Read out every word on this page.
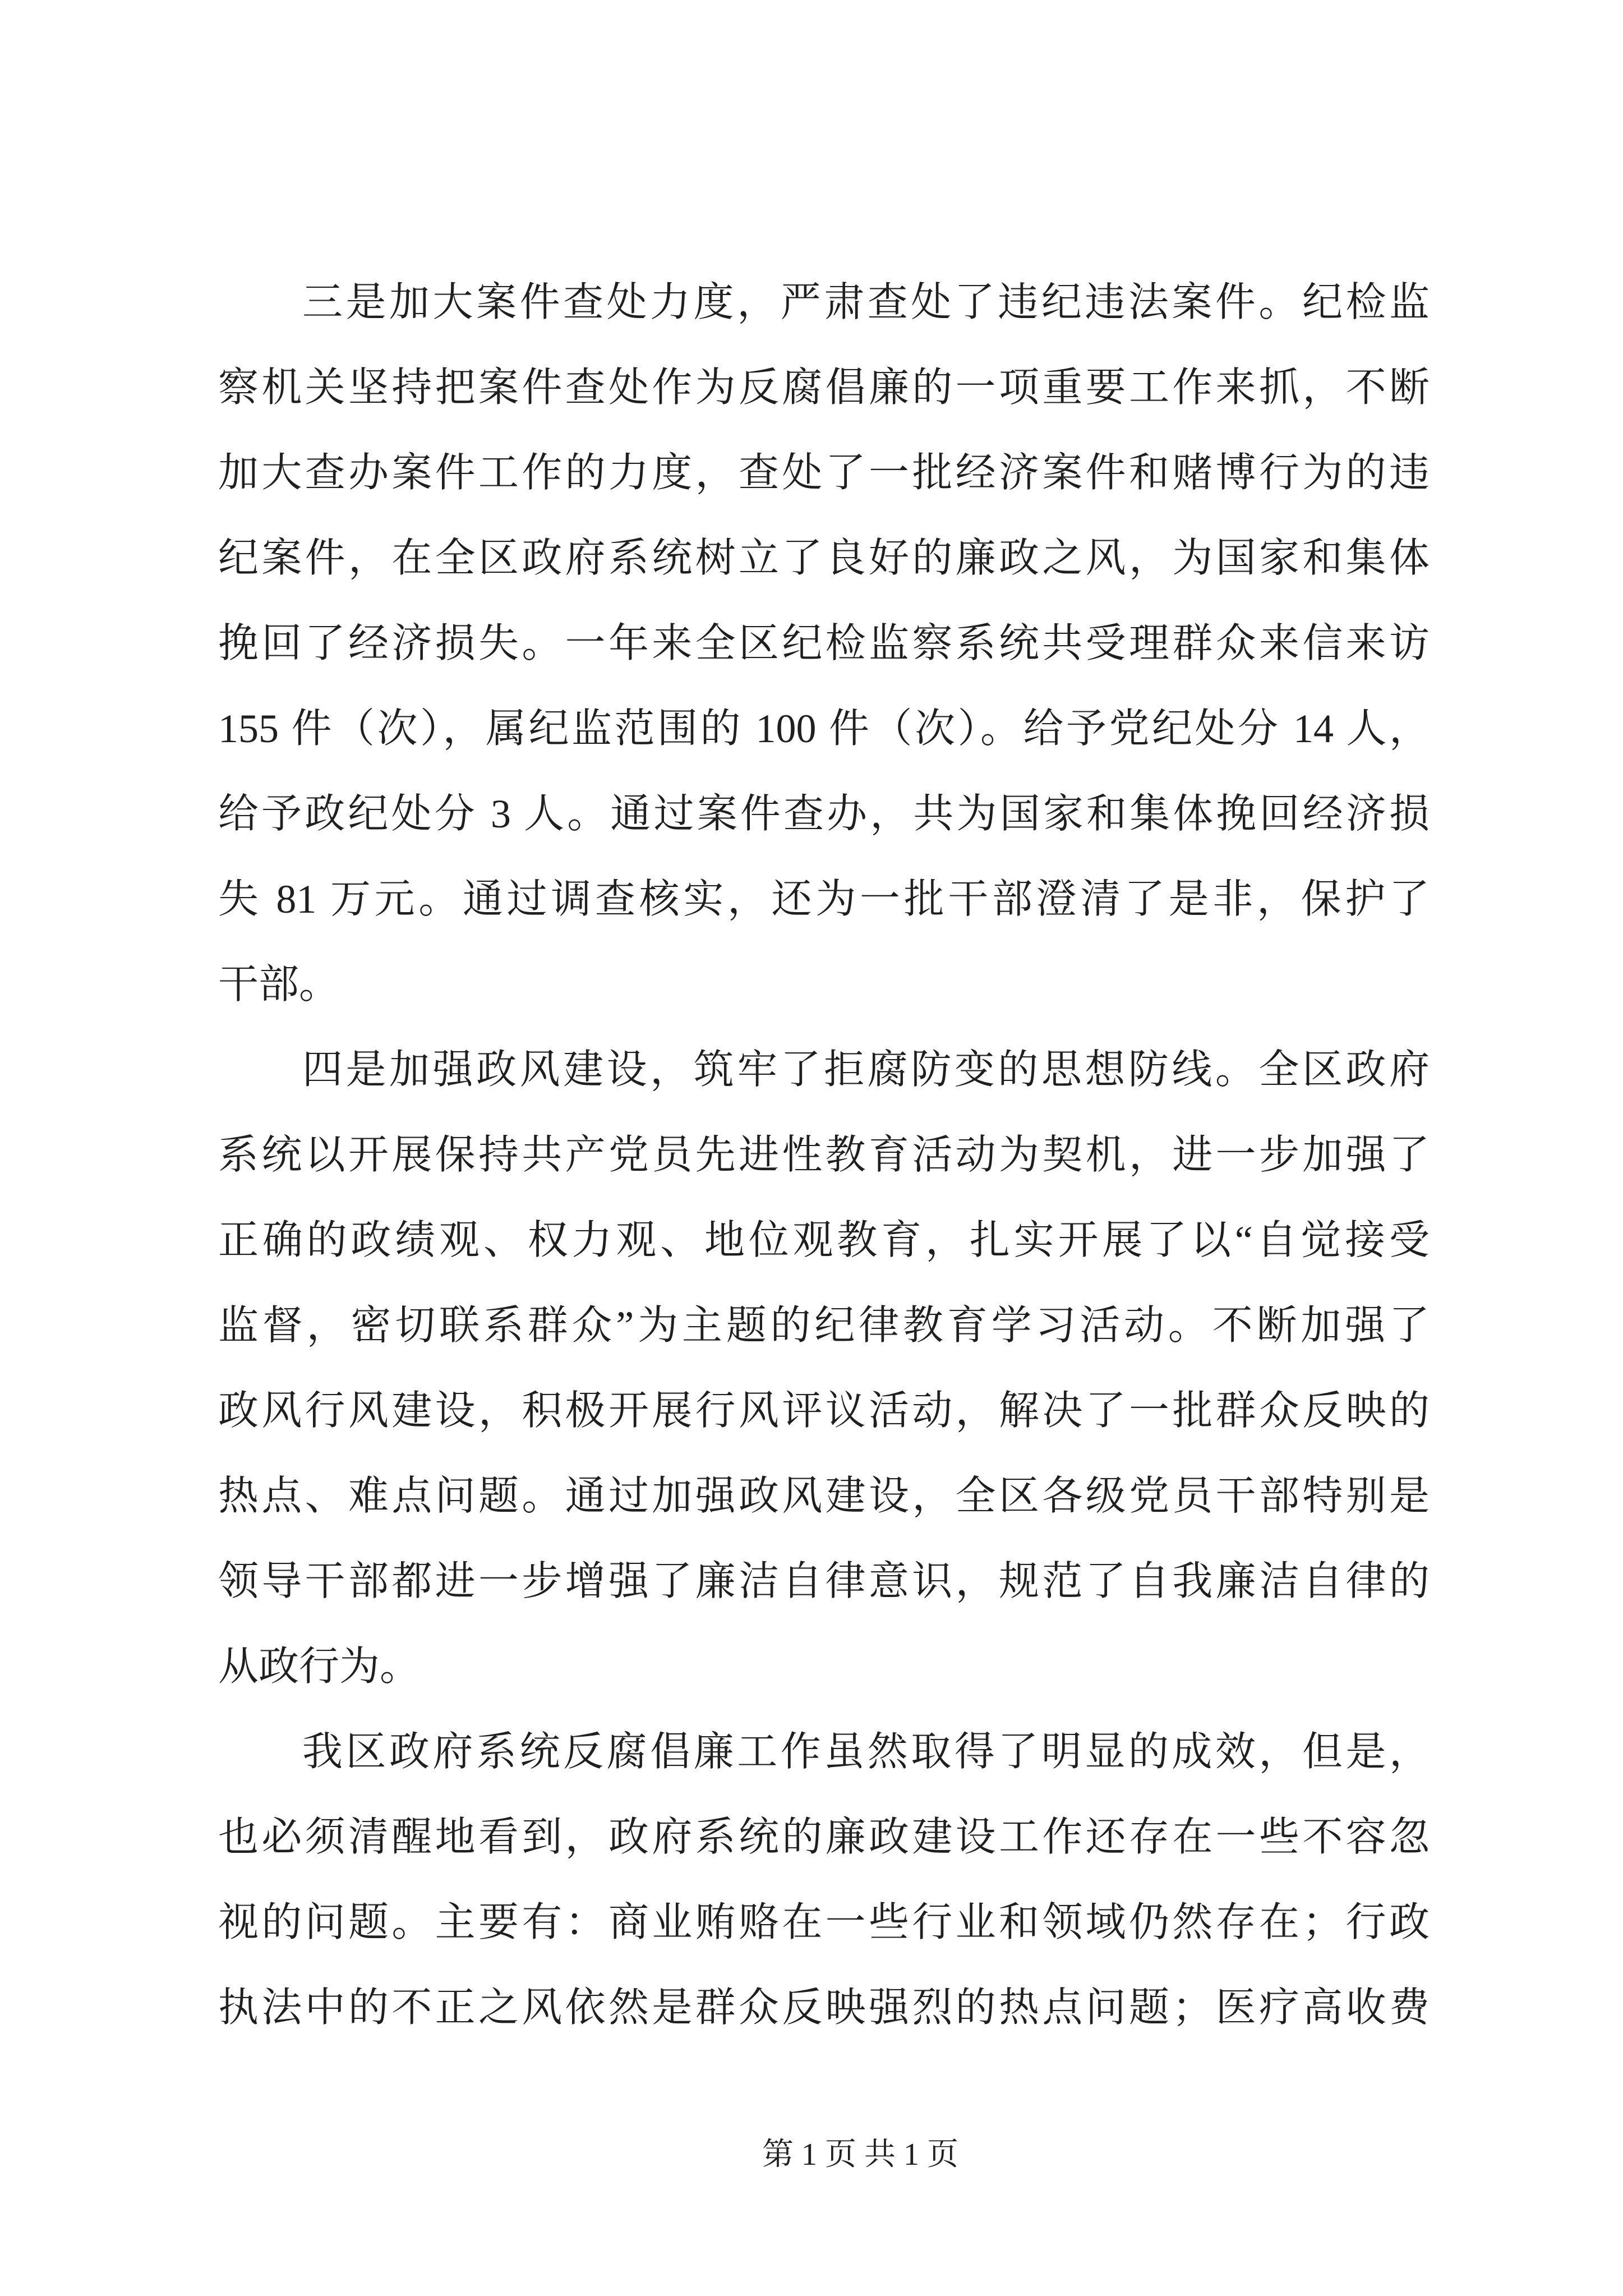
三是加大案件查处力度，严肃查处了违纪违法案件。纪检监
察机关坚持把案件查处作为反腐倡廉的一项重要工作来抓，不断
加大查办案件工作的力度，查处了一批经济案件和赌博行为的违
纪案件，在全区政府系统树立了良好的廉政之风，为国家和集体
挽回了经济损失。一年来全区纪检监察系统共受理群众来信来访
155 件（次），属纪监范围的 100 件（次）。给予党纪处分 14 人，
给予政纪处分 3 人。通过案件查办，共为国家和集体挽回经济损
失 81 万元。通过调查核实，还为一批干部澄清了是非，保护了
干部。
四是加强政风建设，筑牢了拒腐防变的思想防线。全区政府
系统以开展保持共产党员先进性教育活动为契机，进一步加强了
正确的政绩观、权力观、地位观教育，扎实开展了以“自觉接受
监督，密切联系群众”为主题的纪律教育学习活动。不断加强了
政风行风建设，积极开展行风评议活动，解决了一批群众反映的
热点、难点问题。通过加强政风建设，全区各级党员干部特别是
领导干部都进一步增强了廉洁自律意识，规范了自我廉洁自律的
从政行为。
我区政府系统反腐倡廉工作虽然取得了明显的成效，但是，
也必须清醒地看到，政府系统的廉政建设工作还存在一些不容忽
视的问题。主要有：商业贿赂在一些行业和领域仍然存在；行政
执法中的不正之风依然是群众反映强烈的热点问题；医疗高收费
第 1 页 共 1 页
